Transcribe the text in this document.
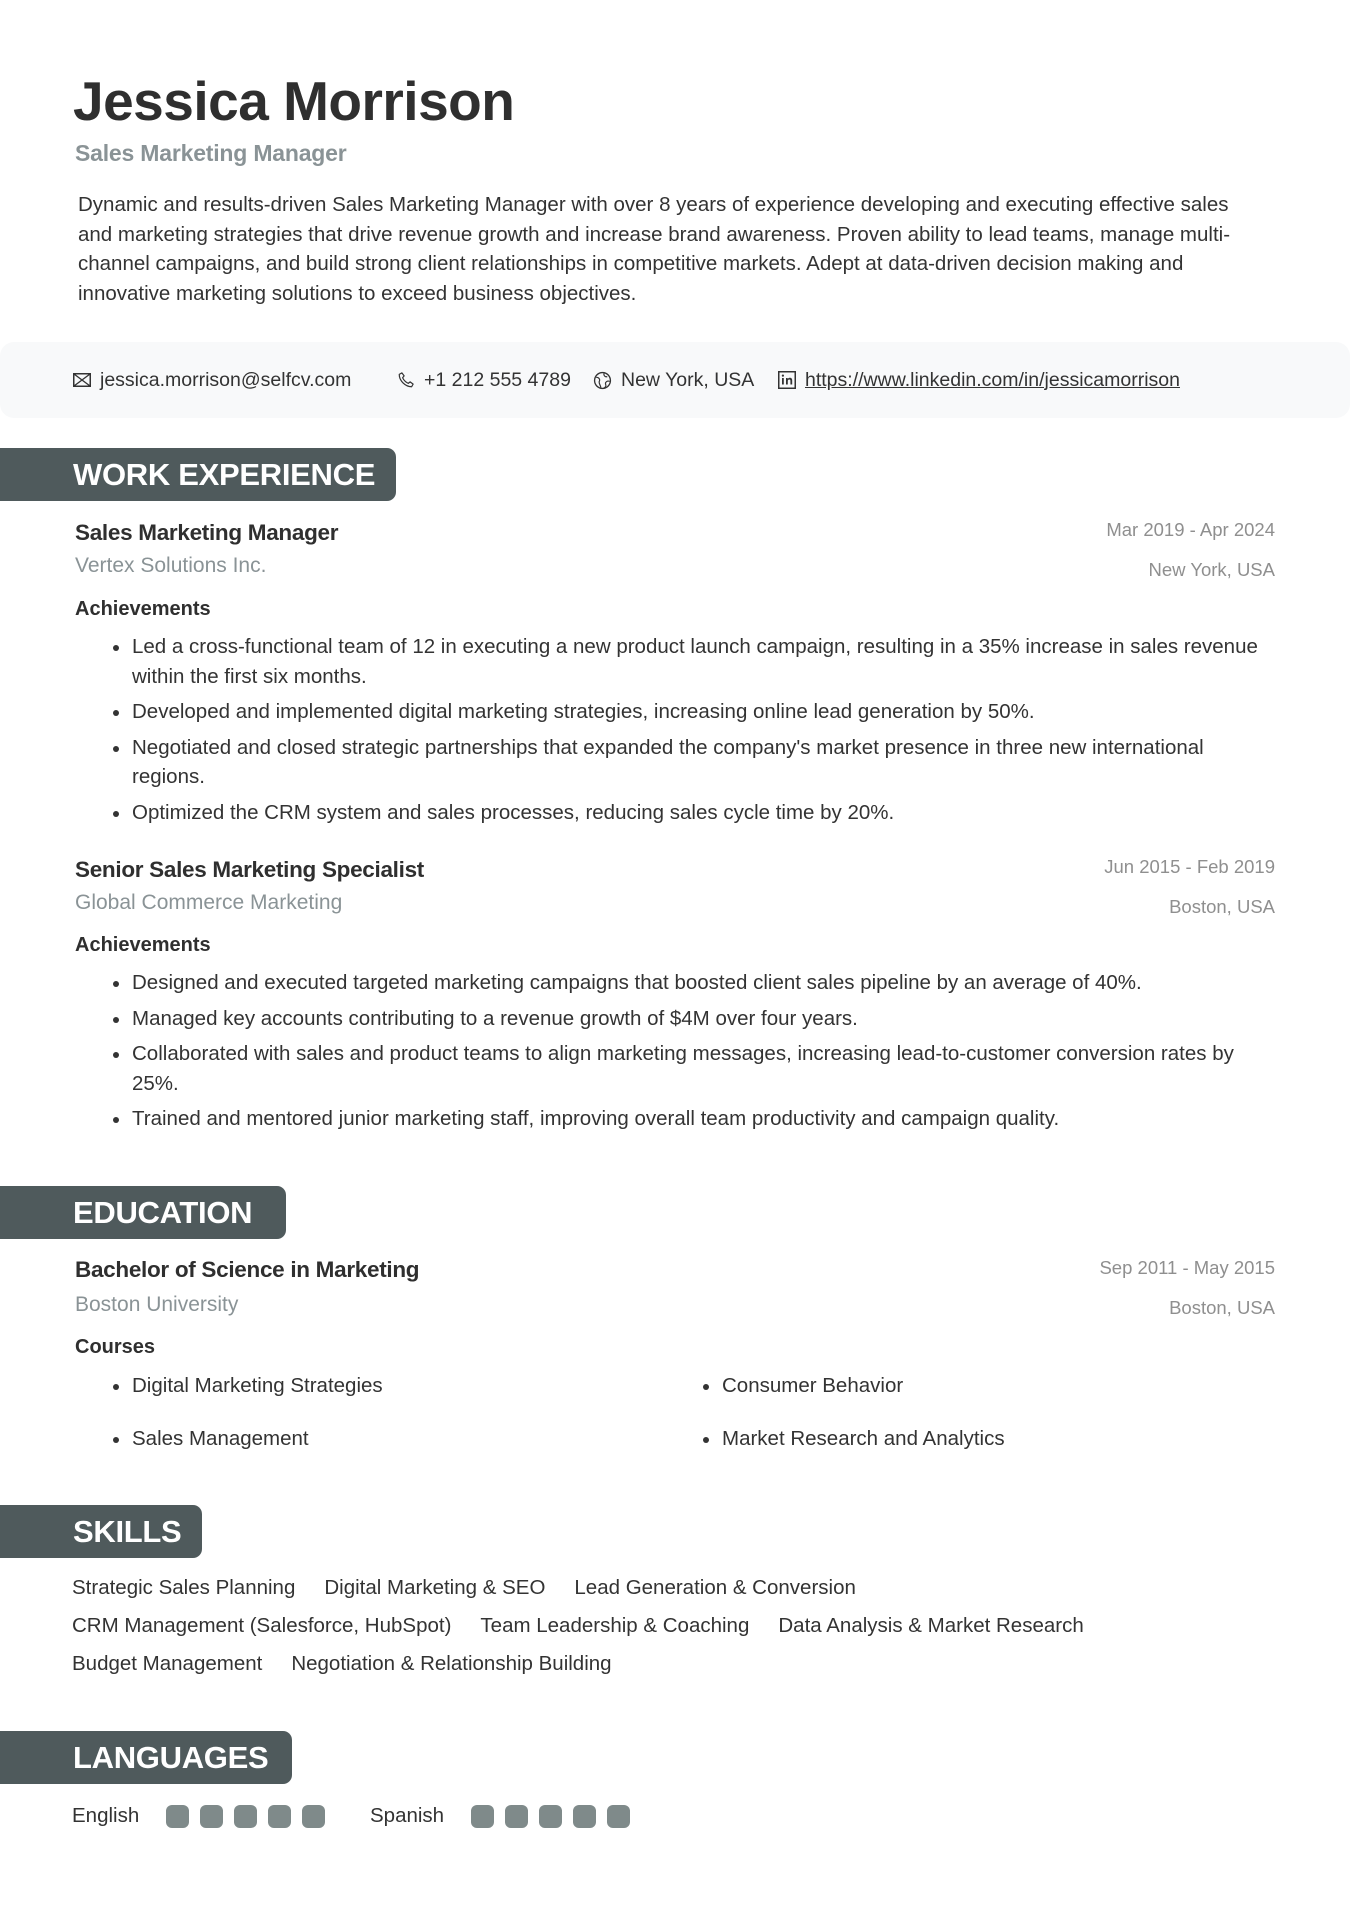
Jessica Morrison
Sales Marketing Manager
Dynamic and results-driven Sales Marketing Manager with over 8 years of experience developing and executing effective sales and marketing strategies that drive revenue growth and increase brand awareness. Proven ability to lead teams, manage multi-channel campaigns, and build strong client relationships in competitive markets. Adept at data-driven decision making and innovative marketing solutions to exceed business objectives.
jessica.morrison@selfcv.com	+1 212 555 4789	New York, USA	https://www.linkedin.com/in/jessicamorrison
WORK EXPERIENCE
Sales Marketing Manager	Mar 2019 - Apr 2024
Vertex Solutions Inc.	New York, USA
Achievements
Led a cross-functional team of 12 in executing a new product launch campaign, resulting in a 35% increase in sales revenue within the first six months.
Developed and implemented digital marketing strategies, increasing online lead generation by 50%.
Negotiated and closed strategic partnerships that expanded the company's market presence in three new international regions.
Optimized the CRM system and sales processes, reducing sales cycle time by 20%.
Senior Sales Marketing Specialist	Jun 2015 - Feb 2019
Global Commerce Marketing	Boston, USA
Achievements
Designed and executed targeted marketing campaigns that boosted client sales pipeline by an average of 40%.
Managed key accounts contributing to a revenue growth of $4M over four years.
Collaborated with sales and product teams to align marketing messages, increasing lead-to-customer conversion rates by 25%.
Trained and mentored junior marketing staff, improving overall team productivity and campaign quality.
EDUCATION
Bachelor of Science in Marketing	Sep 2011 - May 2015
Boston University	Boston, USA
Courses
Digital Marketing Strategies	Consumer Behavior
Sales Management	Market Research and Analytics
SKILLS
Strategic Sales Planning Digital Marketing & SEO Lead Generation & Conversion
CRM Management (Salesforce, HubSpot) Team Leadership & Coaching Data Analysis & Market Research
Budget Management Negotiation & Relationship Building
LANGUAGES
English	Spanish
